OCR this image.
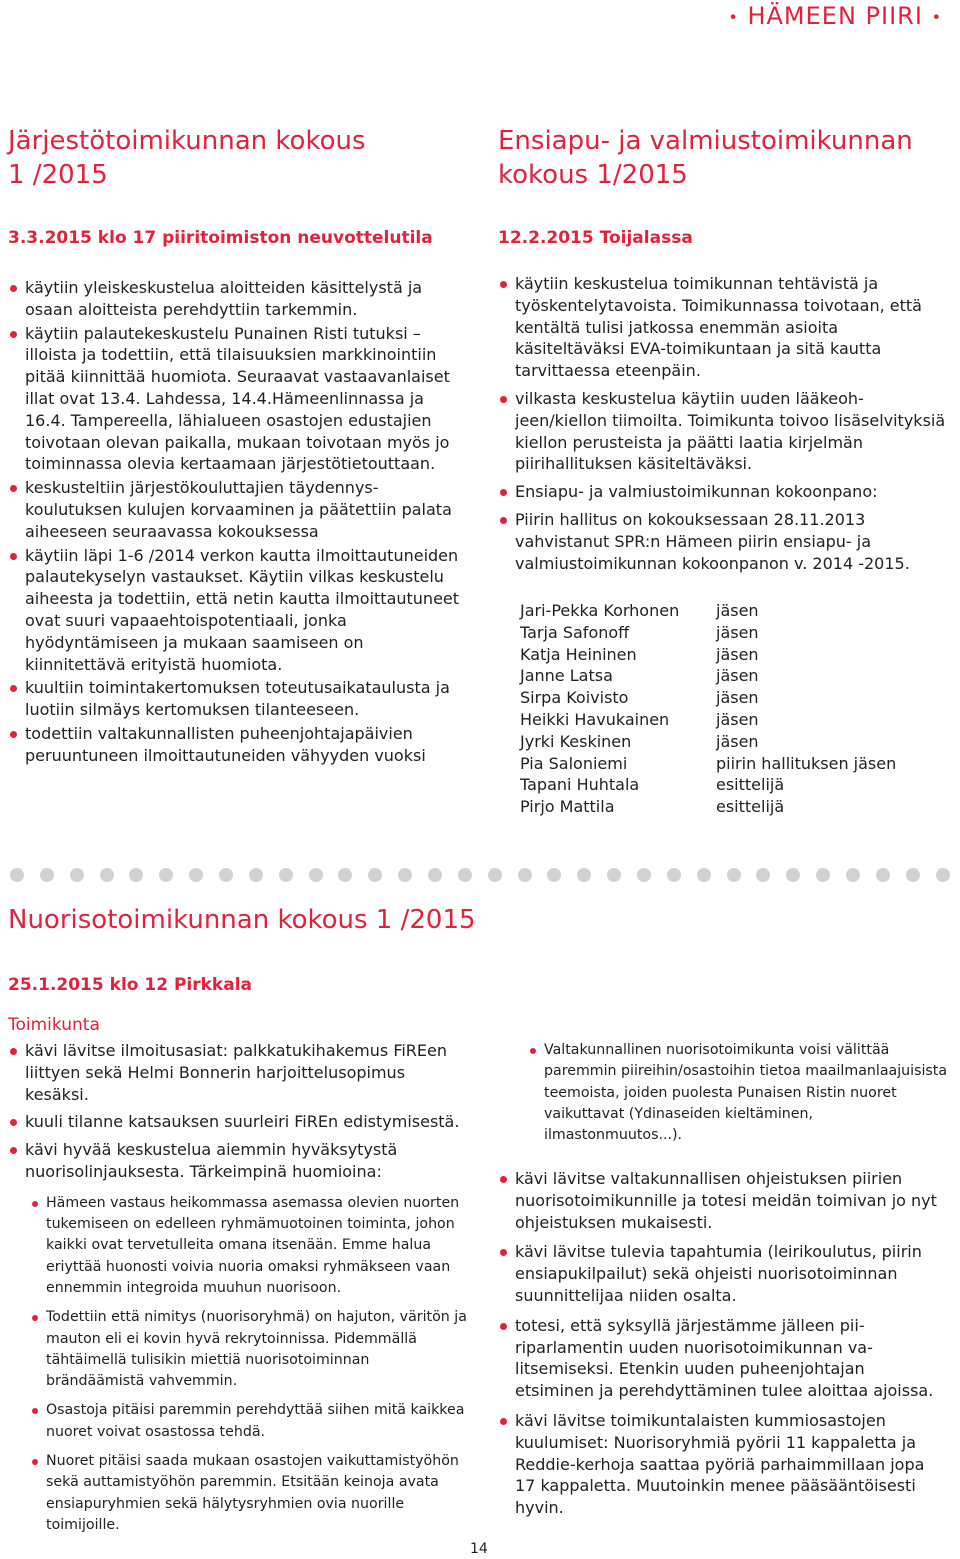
• HÄMEEN PIIRI •
Järjestötoimikunnan kokous
1 /2015
3.3.2015 klo 17 piiritoimiston neuvottelutila
käytiin yleiskeskustelua aloitteiden käsittelystä ja osaan aloitteista perehdyttiin tarkemmin.
käytiin palautekeskustelu Punainen Risti tutuksi –illoista ja todettiin, että tilaisuuksien markkinointiin pitää kiinnittää huomiota. Seuraavat vastaavanlaiset illat ovat 13.4. Lahdessa, 14.4.Hämeenlinnassa ja 16.4. Tampereella, lähialueen osastojen edustajien toivotaan olevan paikalla, mukaan toivotaan myös jo toiminnassa olevia kertaamaan järjestötietouttaan.
keskusteltiin järjestökouluttajien täydennyskoulutuksen kulujen korvaaminen ja päätettiin palata aiheeseen seuraavassa kokouksessa
käytiin läpi 1-6 /2014 verkon kautta ilmoittautuneiden palautekyselyn vastaukset. Käytiin vilkas keskustelu aiheesta ja todettiin, että netin kautta ilmoittautuneet ovat suuri vapaaehtoispotentiaali, jonka hyödyntämiseen ja mukaan saamiseen on kiinnitettävä erityistä huomiota.
kuultiin toimintakertomuksen toteutusaikataulusta ja luotiin silmäys kertomuksen tilanteeseen.
todettiin valtakunnallisten puheenjohtajapäivien peruuntuneen ilmoittautuneiden vähyyden vuoksi
Ensiapu- ja valmiustoimikunnan
kokous 1/2015
12.2.2015 Toijalassa
käytiin keskustelua toimikunnan tehtävistä ja työskentelytavoista. Toimikunnassa toivotaan, että kentältä tulisi jatkossa enemmän asioita käsiteltäväksi EVA-toimikuntaan ja sitä kautta tarvittaessa eteenpäin.
vilkasta keskustelua käytiin uuden lääkeohjeen/kiellon tiimoilta. Toimikunta toivoo lisäselvityksiä kiellon perusteista ja päätti laatia kirjelmän piirihallituksen käsiteltäväksi.
Ensiapu- ja valmiustoimikunnan kokoonpano:
Piirin hallitus on kokouksessaan 28.11.2013 vahvistanut SPR:n Hämeen piirin ensiapu- ja valmiustoimikunnan kokoonpanon v. 2014 -2015.
Jari-Pekka Korhonen	jäsen
Tarja Safonoff	jäsen
Katja Heininen	jäsen
Janne Latsa	jäsen
Sirpa Koivisto	jäsen
Heikki Havukainen	jäsen
Jyrki Keskinen	jäsen
Pia Saloniemi	piirin hallituksen jäsen
Tapani Huhtala	esittelijä
Pirjo Mattila	esittelijä
Nuorisotoimikunnan kokous 1 /2015
25.1.2015 klo 12 Pirkkala
Toimikunta
kävi lävitse ilmoitusasiat: palkkatukihakemus FiREen liittyen sekä Helmi Bonnerin harjoittelusopimus kesäksi.
kuuli tilanne katsauksen suurleiri FiREn edistymisestä.
kävi hyvää keskustelua aiemmin hyväksytystä nuorisolinjauksesta. Tärkeimpinä huomioina:
Hämeen vastaus heikommassa asemassa olevien nuorten tukemiseen on edelleen ryhmämuotoinen toiminta, johon kaikki ovat tervetulleita omana itsenään. Emme halua eriyttää huonosti voivia nuoria omaksi ryhmäkseen vaan ennemmin integroida muuhun nuorisoon.
Todettiin että nimitys (nuorisoryhmä) on hajuton, väritön ja mauton eli ei kovin hyvä rekrytoinnissa. Pidemmällä tähtäimellä tulisikin miettiä nuorisotoiminnan brändäämistä vahvemmin.
Osastoja pitäisi paremmin perehdyttää siihen mitä kaikkea nuoret voivat osastossa tehdä.
Nuoret pitäisi saada mukaan osastojen vaikuttamistyöhön sekä auttamistyöhön paremmin. Etsitään keinoja avata ensiapuryhmien sekä hälytysryhmien ovia nuorille toimijoille.
Valtakunnallinen nuorisotoimikunta voisi välittää paremmin piireihin/osastoihin tietoa maailmanlaajuisista teemoista, joiden puolesta Punaisen Ristin nuoret vaikuttavat (Ydinaseiden kieltäminen, ilmastonmuutos...).
kävi lävitse valtakunnallisen ohjeistuksen piirien nuorisotoimikunnille ja totesi meidän toimivan jo nyt ohjeistuksen mukaisesti.
kävi lävitse tulevia tapahtumia (leirikoulutus, piirin ensiapukilpailut) sekä ohjeisti nuorisotoiminnan suunnittelijaa niiden osalta.
totesi, että syksyllä järjestämme jälleen piiriparlamentin uuden nuorisotoimikunnan valitsemiseksi. Etenkin uuden puheenjohtajan etsiminen ja perehdyttäminen tulee aloittaa ajoissa.
kävi lävitse toimikuntalaisten kummiosastojen kuulumiset: Nuorisoryhmiä pyörii 11 kappaletta ja Reddie-kerhoja saattaa pyöriä parhaimmillaan jopa 17 kappaletta. Muutoinkin menee pääsääntöisesti hyvin.
14
